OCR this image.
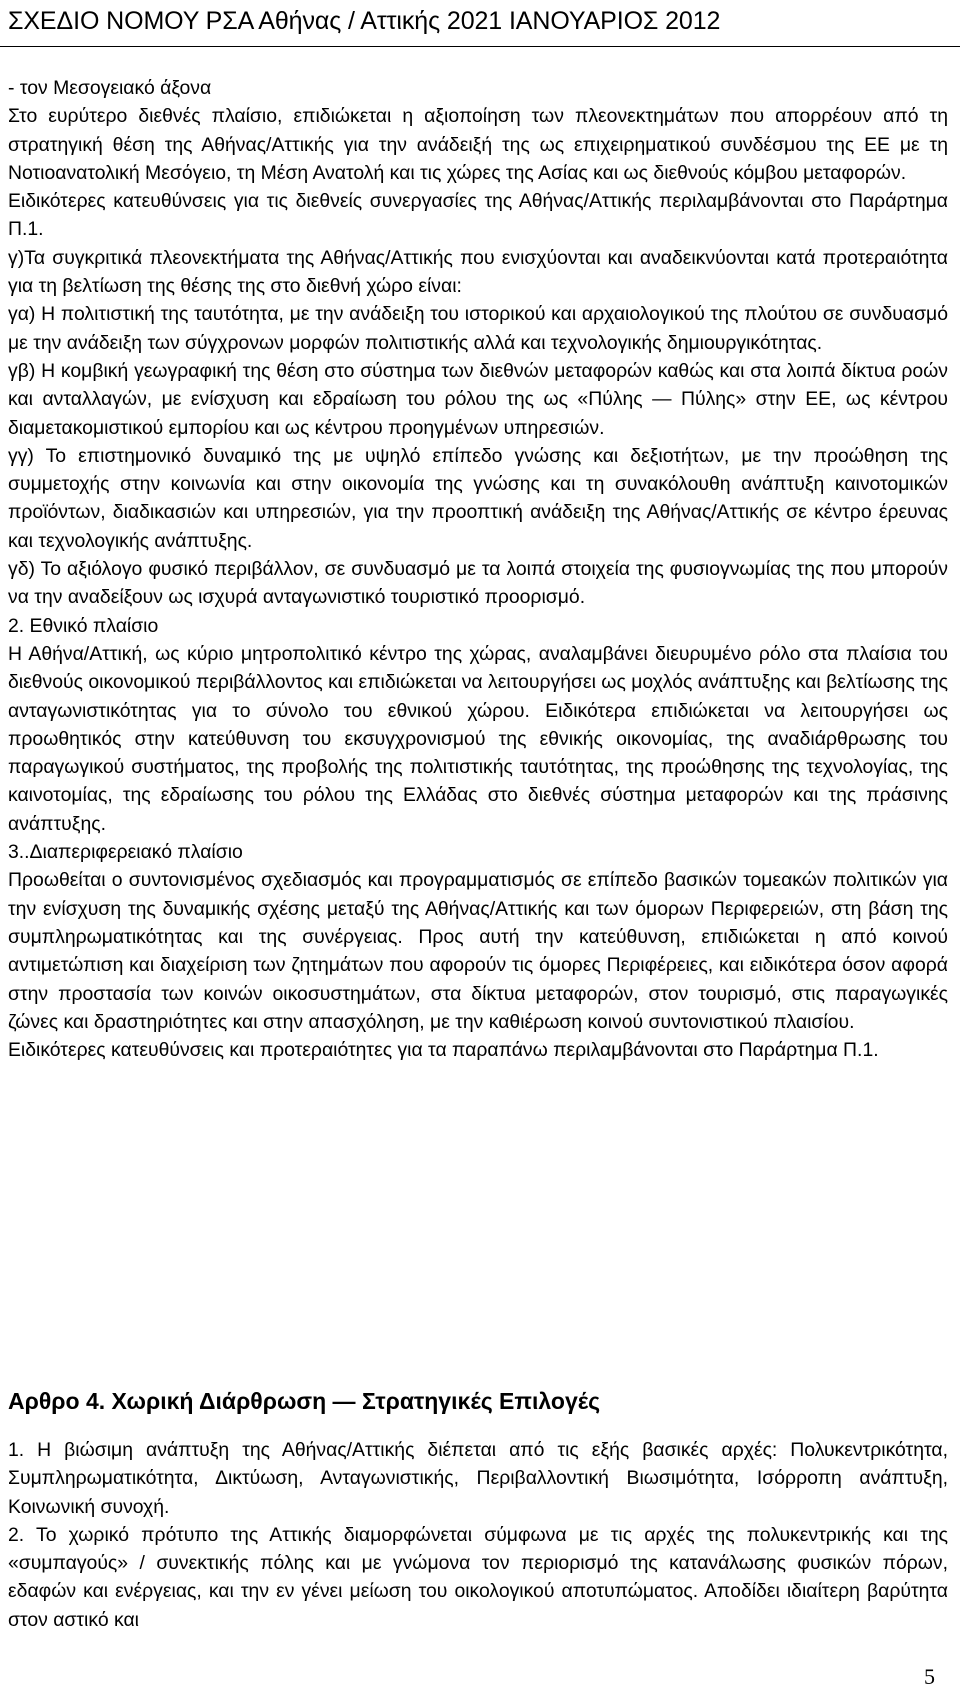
ΣΧΕΔΙΟ ΝΟΜΟΥ ΡΣΑ Αθήνας / Αττικής 2021 ΙΑΝΟΥΑΡΙΟΣ 2012

- τον Μεσογειακό άξονα

Στο ευρύτερο διεθνές πλαίσιο, επιδιώκεται η αξιοποίηση των πλεονεκτημάτων που απορρέουν από τη στρατηγική θέση της Αθήνας/Αττικής για την ανάδειξή της ως επιχειρηματικού συνδέσμου της ΕΕ με τη Νοτιοανατολική Μεσόγειο, τη Μέση Ανατολή και τις χώρες της Ασίας και ως διεθνούς κόμβου μεταφορών.

Ειδικότερες κατευθύνσεις για τις διεθνείς συνεργασίες της Αθήνας/Αττικής περιλαμβάνονται στο Παράρτημα Π.1.

γ)Τα συγκριτικά πλεονεκτήματα της Αθήνας/Αττικής που ενισχύονται και αναδεικνύονται κατά προτεραιότητα για τη βελτίωση της θέσης της στο διεθνή χώρο είναι:

γα) Η πολιτιστική της ταυτότητα, με την ανάδειξη του ιστορικού και αρχαιολογικού της πλούτου σε συνδυασμό με την ανάδειξη των σύγχρονων μορφών πολιτιστικής αλλά και τεχνολογικής δημιουργικότητας.

γβ) Η κομβική γεωγραφική της θέση στο σύστημα των διεθνών μεταφορών καθώς και στα λοιπά δίκτυα ροών και ανταλλαγών, με ενίσχυση και εδραίωση του ρόλου της ως «Πύλης — Πύλης» στην ΕΕ, ως κέντρου διαμετακομιστικού εμπορίου και ως κέντρου προηγμένων υπηρεσιών.

γγ) Το επιστημονικό δυναμικό της με υψηλό επίπεδο γνώσης και δεξιοτήτων, με την προώθηση της συμμετοχής στην κοινωνία και στην οικονομία της γνώσης και τη συνακόλουθη ανάπτυξη καινοτομικών προϊόντων, διαδικασιών και υπηρεσιών, για την προοπτική ανάδειξη της Αθήνας/Αττικής σε κέντρο έρευνας και τεχνολογικής ανάπτυξης.

γδ) Το αξιόλογο φυσικό περιβάλλον, σε συνδυασμό με τα λοιπά στοιχεία της φυσιογνωμίας της που μπορούν να την αναδείξουν ως ισχυρά ανταγωνιστικό τουριστικό προορισμό.

2. Εθνικό πλαίσιο

Η Αθήνα/Αττική, ως κύριο μητροπολιτικό κέντρο της χώρας, αναλαμβάνει διευρυμένο ρόλο στα πλαίσια του διεθνούς οικονομικού περιβάλλοντος και επιδιώκεται να λειτουργήσει ως μοχλός ανάπτυξης και βελτίωσης της ανταγωνιστικότητας για το σύνολο του εθνικού χώρου. Ειδικότερα επιδιώκεται να λειτουργήσει ως προωθητικός στην κατεύθυνση του εκσυγχρονισμού της εθνικής οικονομίας, της αναδιάρθρωσης του παραγωγικού συστήματος, της προβολής της πολιτιστικής ταυτότητας, της προώθησης της τεχνολογίας, της καινοτομίας, της εδραίωσης του ρόλου της Ελλάδας στο διεθνές σύστημα μεταφορών και της πράσινης ανάπτυξης.

3..Διαπεριφερειακό πλαίσιο

Προωθείται ο συντονισμένος σχεδιασμός και προγραμματισμός σε επίπεδο βασικών τομεακών πολιτικών για την ενίσχυση της δυναμικής σχέσης μεταξύ της Αθήνας/Αττικής και των όμορων Περιφερειών, στη βάση της συμπληρωματικότητας και της συνέργειας. Προς αυτή την κατεύθυνση, επιδιώκεται η από κοινού αντιμετώπιση και διαχείριση των ζητημάτων που αφορούν τις όμορες Περιφέρειες, και ειδικότερα όσον αφορά στην προστασία των κοινών οικοσυστημάτων, στα δίκτυα μεταφορών, στον τουρισμό, στις παραγωγικές ζώνες και δραστηριότητες και στην απασχόληση, με την καθιέρωση κοινού συντονιστικού πλαισίου.

Ειδικότερες κατευθύνσεις και προτεραιότητες για τα παραπάνω περιλαμβάνονται στο Παράρτημα Π.1.

Αρθρο 4. Χωρική Διάρθρωση — Στρατηγικές Επιλογές

1. Η βιώσιμη ανάπτυξη της Αθήνας/Αττικής διέπεται από τις εξής βασικές αρχές: Πολυκεντρικότητα, Συμπληρωματικότητα, Δικτύωση, Ανταγωνιστικής, Περιβαλλοντική Βιωσιμότητα, Ισόρροπη ανάπτυξη, Κοινωνική συνοχή.

2. Το χωρικό πρότυπο της Αττικής διαμορφώνεται σύμφωνα με τις αρχές της πολυκεντρικής και της «συμπαγούς» / συνεκτικής πόλης και με γνώμονα τον περιορισμό της κατανάλωσης φυσικών πόρων, εδαφών και ενέργειας, και την εν γένει μείωση του οικολογικού αποτυπώματος. Αποδίδει ιδιαίτερη βαρύτητα στον αστικό και

5
